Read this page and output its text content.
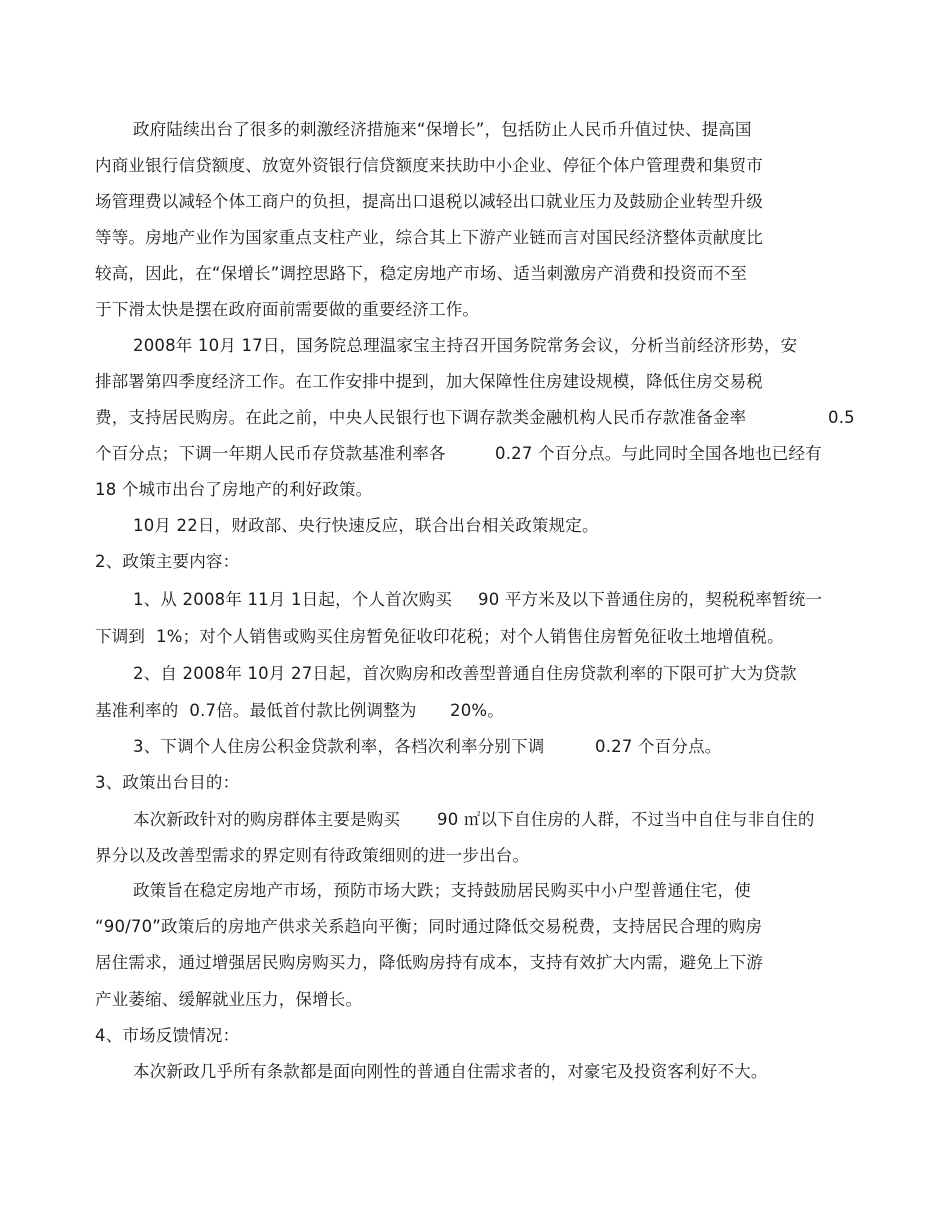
政府陆续出台了很多的刺激经济措施来“保增长”，包括防止人民币升值过快、提高国
内商业银行信贷额度、放宽外资银行信贷额度来扶助中小企业、停征个体户管理费和集贸市
场管理费以减轻个体工商户的负担，提高出口退税以减轻出口就业压力及鼓励企业转型升级
等等。房地产业作为国家重点支柱产业，综合其上下游产业链而言对国民经济整体贡献度比
较高，因此，在“保增长”调控思路下，稳定房地产市场、适当刺激房产消费和投资而不至
于下滑太快是摆在政府面前需要做的重要经济工作。
2008年 10月 17日，国务院总理温家宝主持召开国务院常务会议，分析当前经济形势，安
排部署第四季度经济工作。在工作安排中提到，加大保障性住房建设规模，降低住房交易税
费，支持居民购房。在此之前，中央人民银行也下调存款类金融机构人民币存款准备金率	0.5
个百分点；下调一年期人民币存贷款基准利率各	0.27 个百分点。与此同时全国各地也已经有
18 个城市出台了房地产的利好政策。
10月 22日，财政部、央行快速反应，联合出台相关政策规定。
2、政策主要内容：
1、从 2008年 11月 1日起，个人首次购买 90 平方米及以下普通住房的，契税税率暂统一
下调到  1%；对个人销售或购买住房暂免征收印花税；对个人销售住房暂免征收土地增值税。
2、自 2008年 10月 27日起，首次购房和改善型普通自住房贷款利率的下限可扩大为贷款
基准利率的  0.7倍。最低首付款比例调整为 20%。
3、下调个人住房公积金贷款利率，各档次利率分别下调	0.27 个百分点。
3、政策出台目的：
本次新政针对的购房群体主要是购买 90 ㎡以下自住房的人群，不过当中自住与非自住的
界分以及改善型需求的界定则有待政策细则的进一步出台。
政策旨在稳定房地产市场，预防市场大跌；支持鼓励居民购买中小户型普通住宅，使
“90/70”政策后的房地产供求关系趋向平衡；同时通过降低交易税费，支持居民合理的购房
居住需求，通过增强居民购房购买力，降低购房持有成本，支持有效扩大内需，避免上下游
产业萎缩、缓解就业压力，保增长。
4、市场反馈情况：
本次新政几乎所有条款都是面向刚性的普通自住需求者的，对豪宅及投资客利好不大。
